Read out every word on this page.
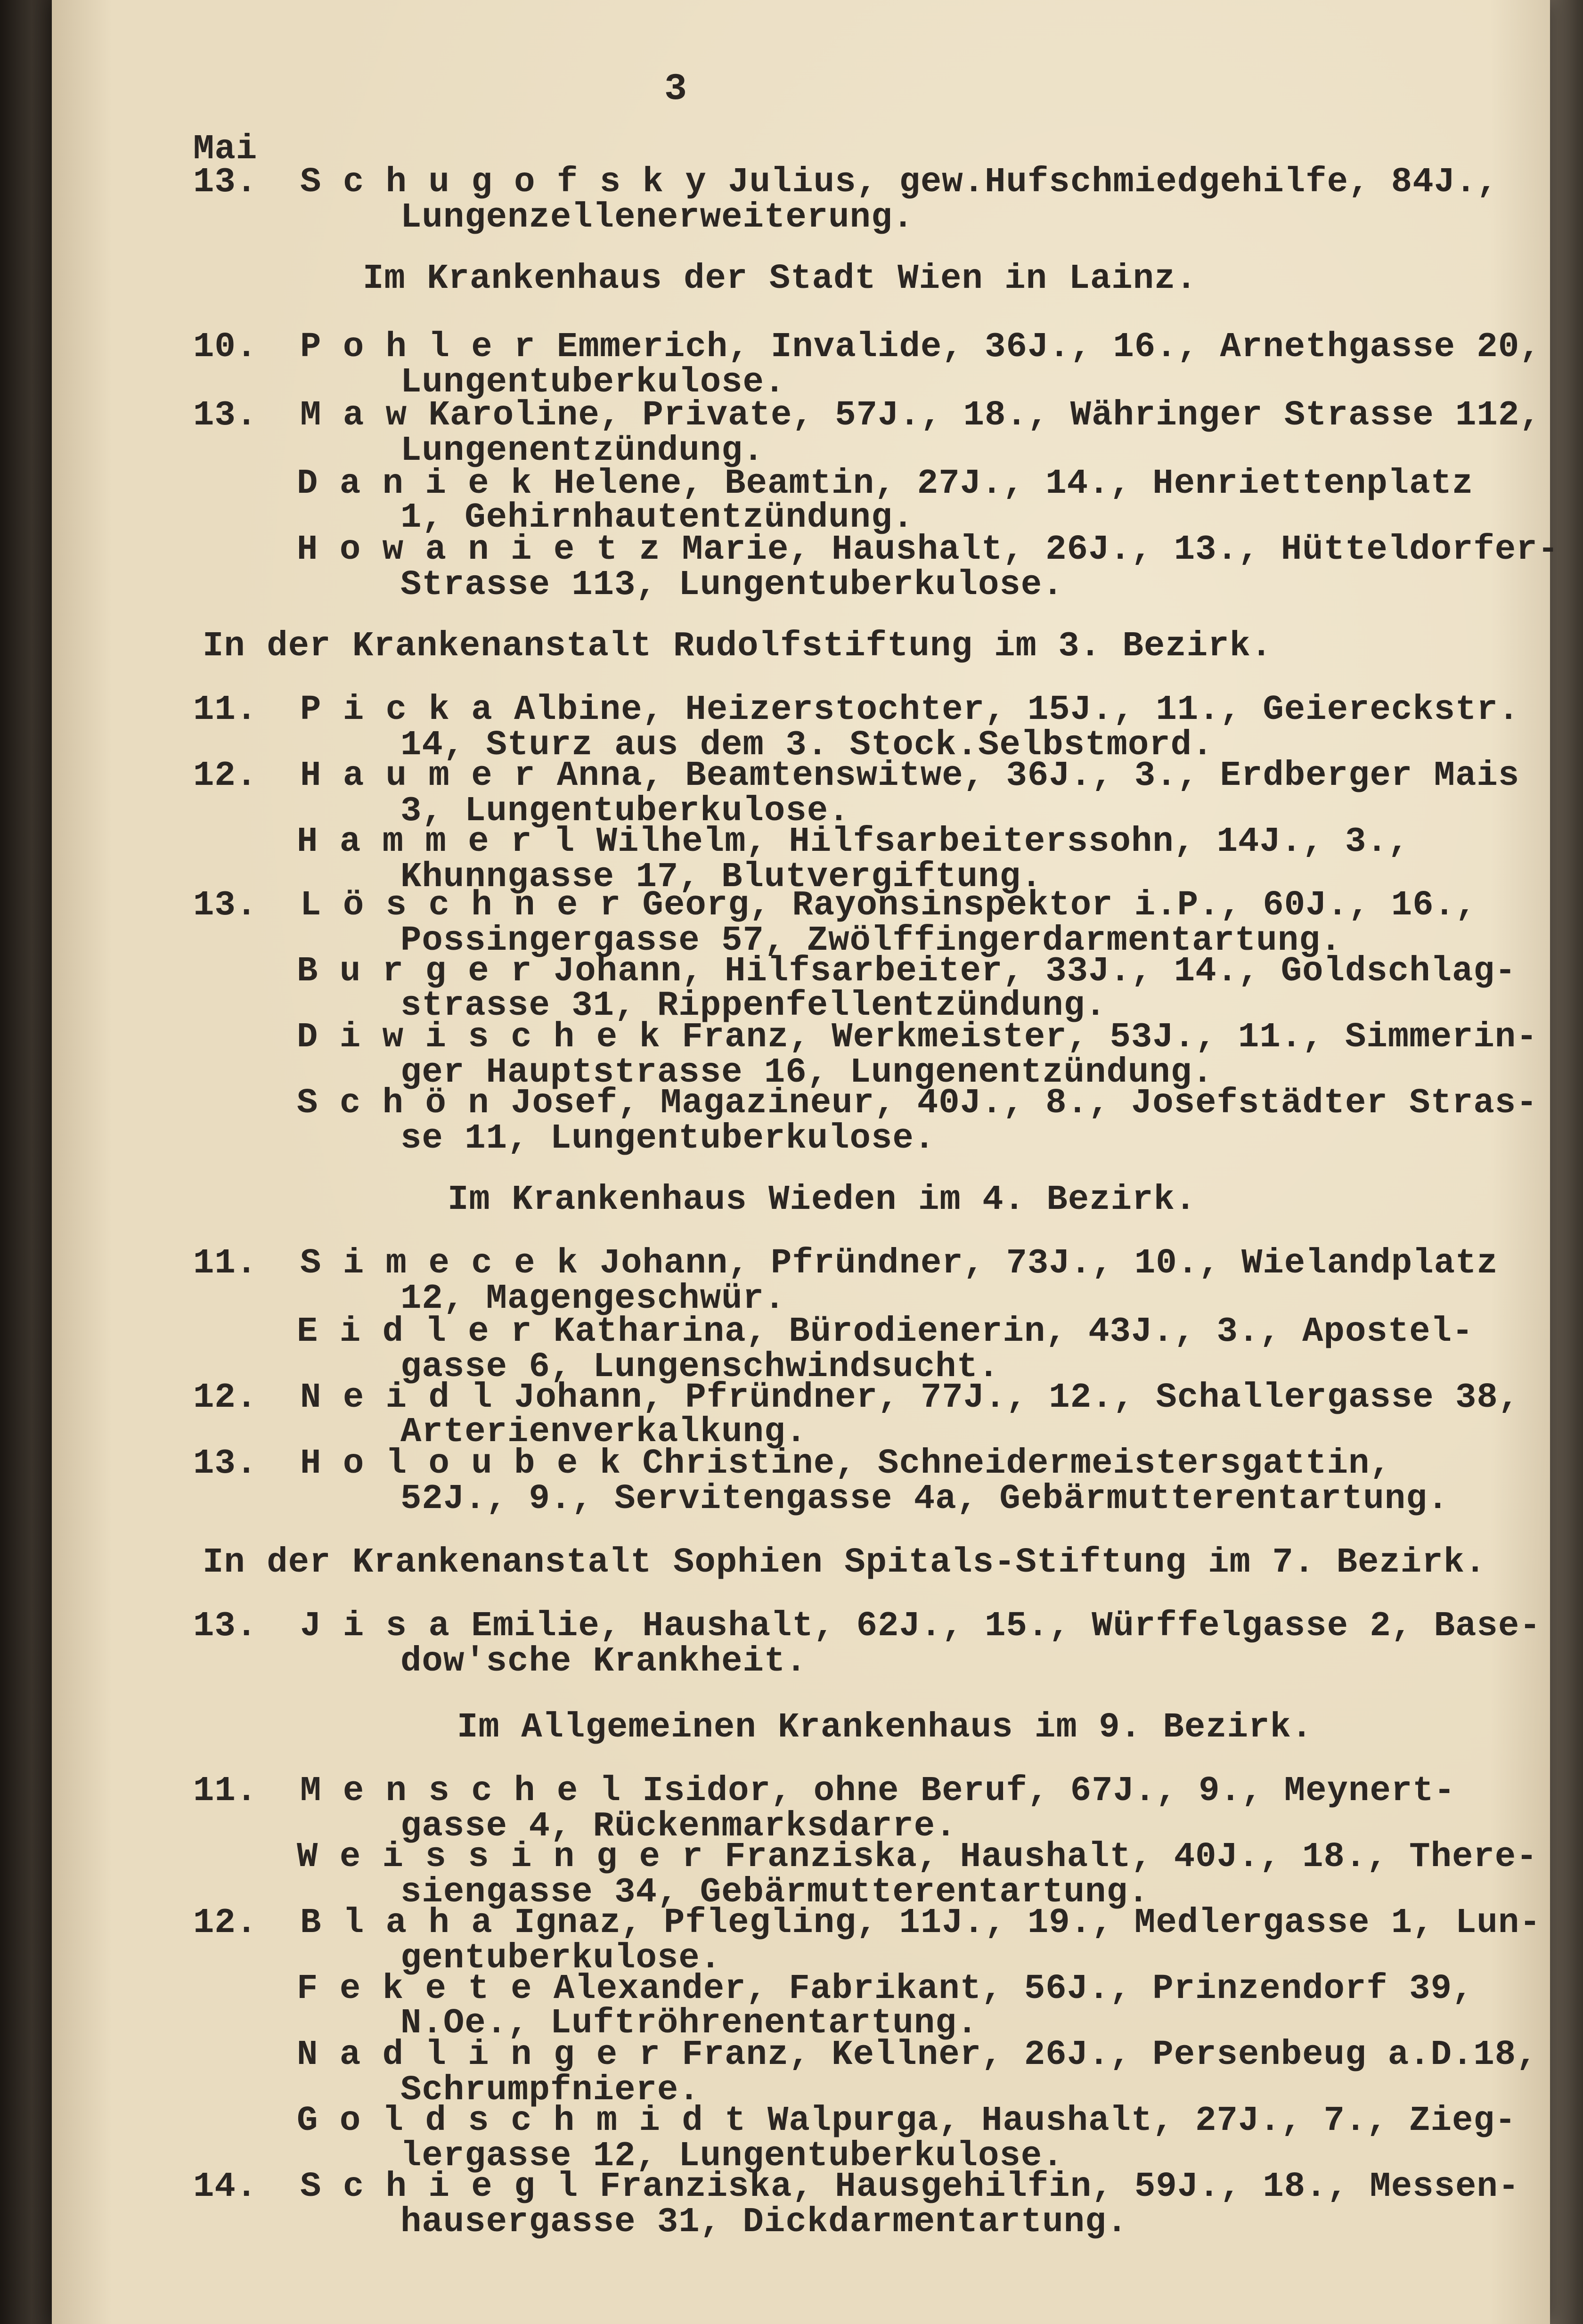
3

Mai

13.  S c h u g o f s k y Julius, gew.Hufschmiedgehilfe, 84J.,

Lungenzellenerweiterung.

Im Krankenhaus der Stadt Wien in Lainz.

10.  P o h l e r Emmerich, Invalide, 36J., 16., Arnethgasse 20,

Lungentuberkulose.

13.  M a w Karoline, Private, 57J., 18., Währinger Strasse 112,

Lungenentzündung.

D a n i e k Helene, Beamtin, 27J., 14., Henriettenplatz

1, Gehirnhautentzündung.

H o w a n i e t z Marie, Haushalt, 26J., 13., Hütteldorfer-

Strasse 113, Lungentuberkulose.

In der Krankenanstalt Rudolfstiftung im 3. Bezirk.

11.  P i c k a Albine, Heizerstochter, 15J., 11., Geiereckstr.

14, Sturz aus dem 3. Stock.Selbstmord.

12.  H a u m e r Anna, Beamtenswitwe, 36J., 3., Erdberger Mais

3, Lungentuberkulose.

H a m m e r l Wilhelm, Hilfsarbeiterssohn, 14J., 3.,

Khunngasse 17, Blutvergiftung.

13.  L ö s c h n e r Georg, Rayonsinspektor i.P., 60J., 16.,

Possingergasse 57, Zwölffingerdarmentartung.

B u r g e r Johann, Hilfsarbeiter, 33J., 14., Goldschlag-

strasse 31, Rippenfellentzündung.

D i w i s c h e k Franz, Werkmeister, 53J., 11., Simmerin-

ger Hauptstrasse 16, Lungenentzündung.

S c h ö n Josef, Magazineur, 40J., 8., Josefstädter Stras-

se 11, Lungentuberkulose.

Im Krankenhaus Wieden im 4. Bezirk.

11.  S i m e c e k Johann, Pfründner, 73J., 10., Wielandplatz

12, Magengeschwür.

E i d l e r Katharina, Bürodienerin, 43J., 3., Apostel-

gasse 6, Lungenschwindsucht.

12.  N e i d l Johann, Pfründner, 77J., 12., Schallergasse 38,

Arterienverkalkung.

13.  H o l o u b e k Christine, Schneidermeistersgattin,

52J., 9., Servitengasse 4a, Gebärmutterentartung.

In der Krankenanstalt Sophien Spitals-Stiftung im 7. Bezirk.

13.  J i s a Emilie, Haushalt, 62J., 15., Würffelgasse 2, Base-

dow'sche Krankheit.

Im Allgemeinen Krankenhaus im 9. Bezirk.

11.  M e n s c h e l Isidor, ohne Beruf, 67J., 9., Meynert-

gasse 4, Rückenmarksdarre.

W e i s s i n g e r Franziska, Haushalt, 40J., 18., There-

siengasse 34, Gebärmutterentartung.

12.  B l a h a Ignaz, Pflegling, 11J., 19., Medlergasse 1, Lun-

gentuberkulose.

F e k e t e Alexander, Fabrikant, 56J., Prinzendorf 39,

N.Oe., Luftröhrenentartung.

N a d l i n g e r Franz, Kellner, 26J., Persenbeug a.D.18,

Schrumpfniere.

G o l d s c h m i d t Walpurga, Haushalt, 27J., 7., Zieg-

lergasse 12, Lungentuberkulose.

14.  S c h i e g l Franziska, Hausgehilfin, 59J., 18., Messen-

hausergasse 31, Dickdarmentartung.
